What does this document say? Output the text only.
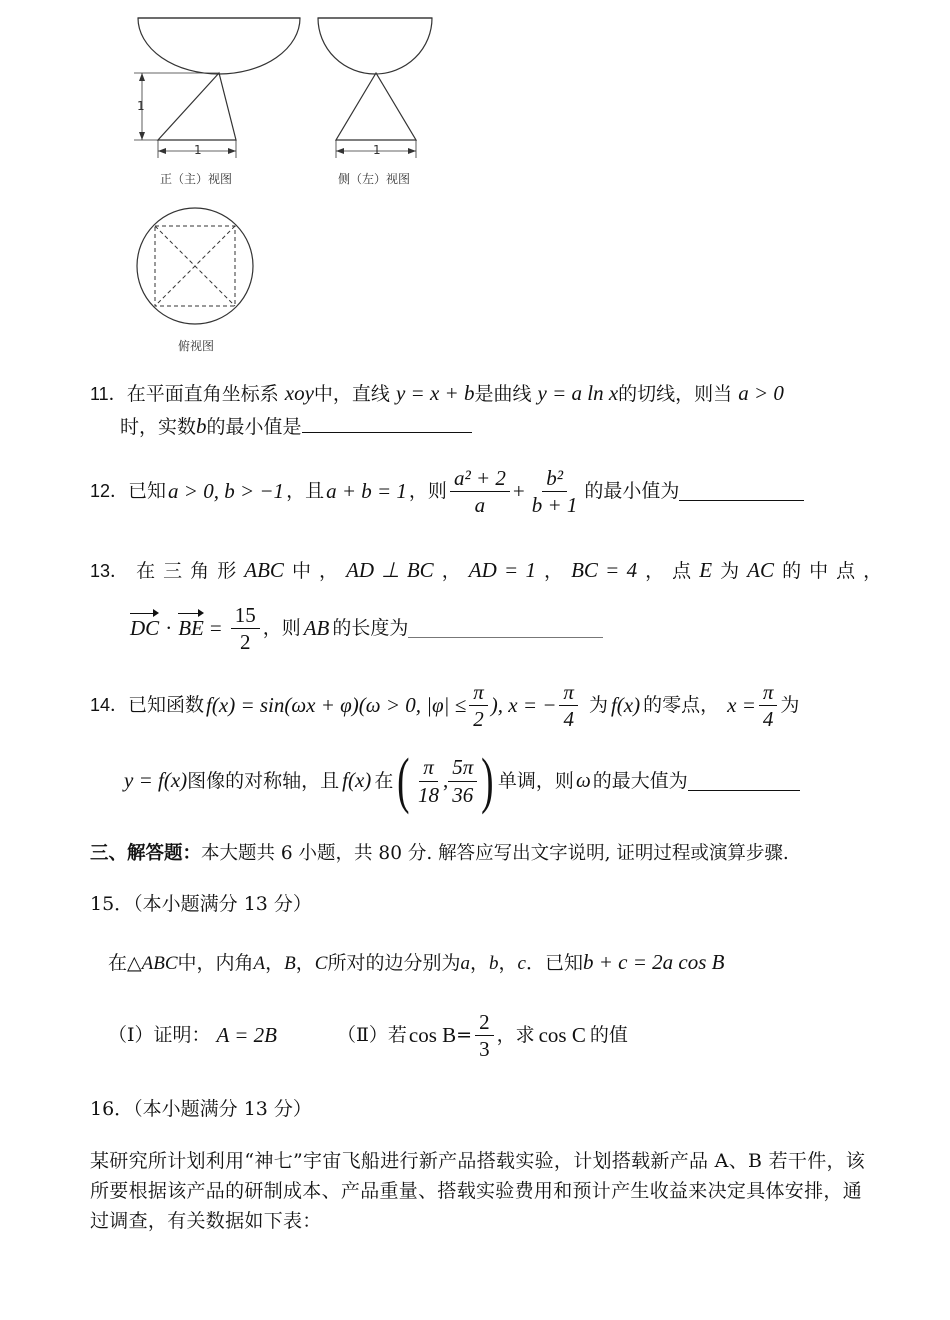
1
1	1
正（主）视图	侧（左）视图
俯视图
11．在平面直角坐标系 xoy中，直线 y = x + b是曲线 y = a ln x的切线，则当 a > 0
时，实数b的最小值是
12． 已知 a > 0, b > −1 ，且 a + b = 1 ，则 $\frac{\text{a² + 2}}{a} + \frac{\text{b²}}{b + 1}$ 的最小值为
13． 在 三 角 形 ABC 中 ， AD ⊥ BC ， AD = 1 ， BC = 4 ， 点 E 为 AC 的 中 点 ，
DC · BE = $\frac{15}{2}$ ，则 AB 的长度为
14． 已知函数 f(x) = sin(ωx + φ)(ω > 0, $|\varphi| \le \frac{\pi}{2}$ ), x = − $\frac{\pi}{4}$ 为 f(x) 的零点， $x = \frac{\pi}{4}$ 为
y = f(x) 图像的对称轴，且 f(x) 在 ( $\frac{\pi}{18}$ , $\frac{5\pi}{36}$ ) 单调，则 ω 的最大值为
三、解答题：本大题共 6 小题，共 80 分. 解答应写出文字说明, 证明过程或演算步骤.
15．（本小题满分 13 分）
在△ABC中，内角A，B，C所对的边分别为a，b，c．已知b + c = 2a cos B
（Ⅰ）证明： A = 2B	（Ⅱ）若 $\cos B = \frac{2}{3}$ ，求 cos C 的值
16．（本小题满分 13 分）
某研究所计划利用“神七”宇宙飞船进行新产品搭载实验，计划搭载新产品 A、B 若干件，该所要根据该产品的研制成本、产品重量、搭载实验费用和预计产生收益来决定具体安排，通过调查，有关数据如下表：
